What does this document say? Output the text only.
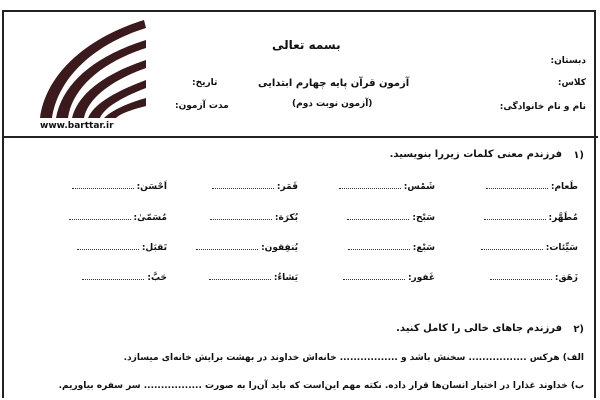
www.barttar.ir
بسمه تعالی
دبستان:
کلاس:
نام و نام خانوادگی:
آزمون قرآن پایه چهارم ابتدایی
(آزمون نوبت دوم)
تاریخ:
مدت آزمون:
۱)
فرزندم معنی کلمات زیررا بنویسید.
طَعام:
شَمْس:
قَمَر:
اَحْسَن:
مُطَهَّر:
سَبْح:
بُکرَة:
مُسَمّیٰ:
سَیِّئات:
سَبْع:
یُنفِقون:
تَقبَل:
زَهَق:
غَفور:
یَشاءُ:
حَبَّ:
۲)
فرزندم جاهای خالی را کامل کنید.
الف) هرکس ................. سخنش باشد و ................. خانه‌اش خداوند در بهشت برایش خانه‌ای میسازد.
ب) خداوند غذارا در اختیار انسان‌ها قرار داده. نکته مهم این‌است که باید آن‌را به صورت ................. سر سفره بیاوریم.
